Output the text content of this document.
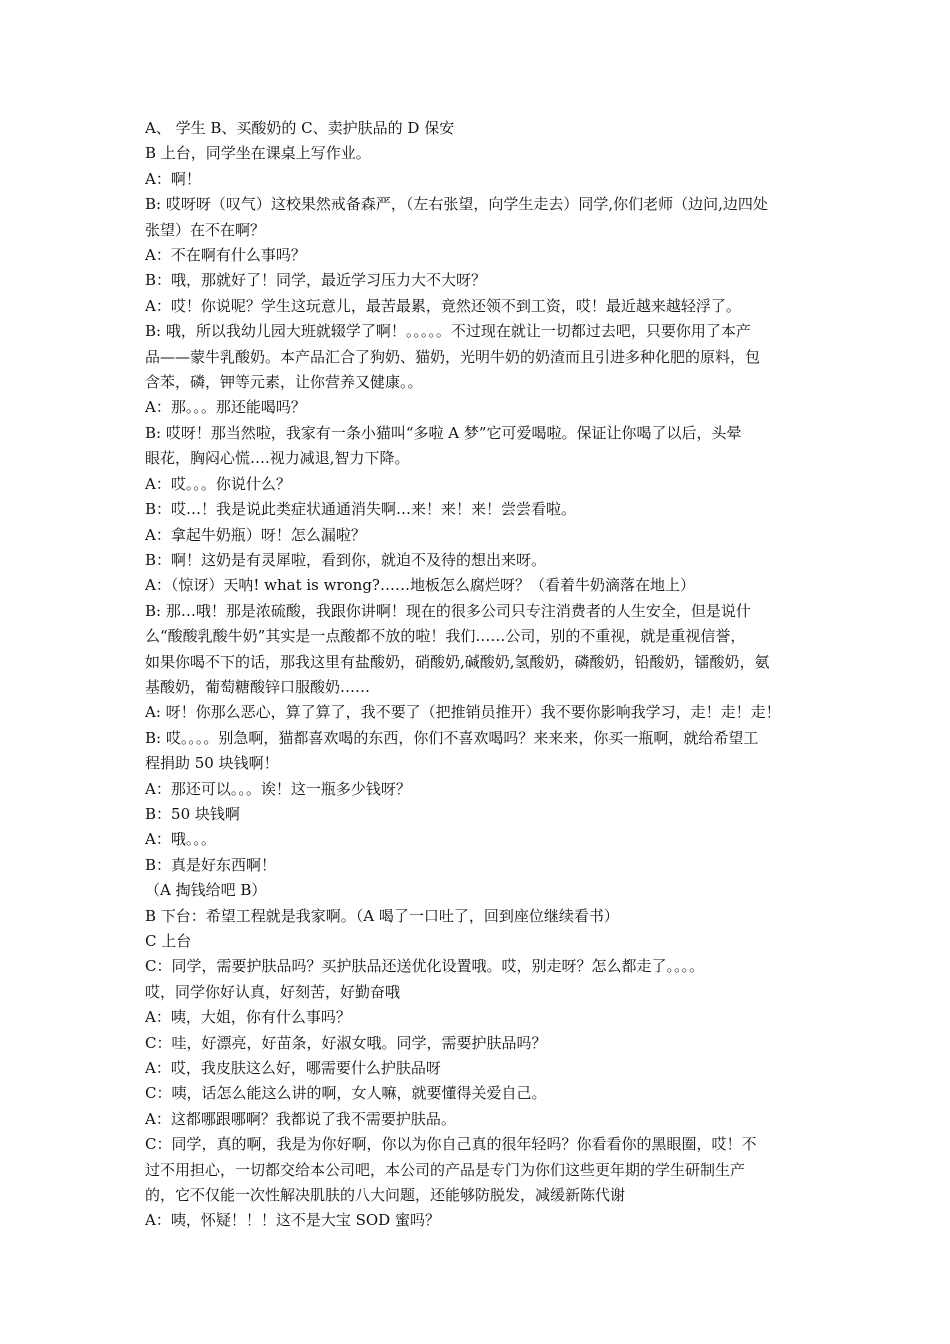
A、 学生 B、买酸奶的 C、卖护肤品的 D 保安
B 上台，同学坐在课桌上写作业。
A：啊！
B: 哎呀呀（叹气）这校果然戒备森严，（左右张望，向学生走去）同学,你们老师（边问,边四处
张望）在不在啊？
A：不在啊有什么事吗？
B：哦，那就好了！同学，最近学习压力大不大呀？
A：哎！你说呢？学生这玩意儿，最苦最累，竟然还领不到工资，哎！最近越来越轻浮了。
B: 哦，所以我幼儿园大班就辍学了啊！。。。。。不过现在就让一切都过去吧，只要你用了本产
品——蒙牛乳酸奶。本产品汇合了狗奶、猫奶，光明牛奶的奶渣而且引进多种化肥的原料，包
含苯，磷，钾等元素，让你营养又健康。。
A：那。。。那还能喝吗？
B: 哎呀！那当然啦，我家有一条小猫叫“多啦 A 梦”它可爱喝啦。保证让你喝了以后，头晕
眼花，胸闷心慌….视力减退,智力下降。
A：哎。。。你说什么？
B：哎…！我是说此类症状通通消失啊…来！来！来！尝尝看啦。
A：拿起牛奶瓶）呀！怎么漏啦？
B：啊！这奶是有灵犀啦，看到你，就迫不及待的想出来呀。
A：（惊讶）天呐! what is wrong?……地板怎么腐烂呀？（看着牛奶滴落在地上）
B: 那…哦！那是浓硫酸，我跟你讲啊！现在的很多公司只专注消费者的人生安全，但是说什
么“酸酸乳酸牛奶”其实是一点酸都不放的啦！我们……公司，别的不重视，就是重视信誉，
如果你喝不下的话，那我这里有盐酸奶，硝酸奶,碱酸奶,氢酸奶，磷酸奶，铅酸奶，镭酸奶，氨
基酸奶，葡萄糖酸锌口服酸奶……
A: 呀！你那么恶心，算了算了，我不要了（把推销员推开）我不要你影响我学习，走！走！走！
B: 哎。。。。别急啊，猫都喜欢喝的东西，你们不喜欢喝吗？来来来，你买一瓶啊，就给希望工
程捐助 50 块钱啊！
A：那还可以。。。诶！这一瓶多少钱呀？
B：50 块钱啊
A：哦。。。
B：真是好东西啊！
（A 掏钱给吧 B）
B 下台：希望工程就是我家啊。（A 喝了一口吐了，回到座位继续看书）
C 上台
C：同学，需要护肤品吗？买护肤品还送优化设置哦。哎，别走呀？怎么都走了。。。。
哎，同学你好认真，好刻苦，好勤奋哦
A：咦，大姐，你有什么事吗？
C：哇，好漂亮，好苗条，好淑女哦。同学，需要护肤品吗？
A：哎，我皮肤这么好，哪需要什么护肤品呀
C：咦，话怎么能这么讲的啊，女人嘛，就要懂得关爱自己。
A：这都哪跟哪啊？我都说了我不需要护肤品。
C：同学，真的啊，我是为你好啊，你以为你自己真的很年轻吗？你看看你的黑眼圈，哎！不
过不用担心，一切都交给本公司吧，本公司的产品是专门为你们这些更年期的学生研制生产
的，它不仅能一次性解决肌肤的八大问题，还能够防脱发，减缓新陈代谢
A：咦，怀疑！！！这不是大宝 SOD 蜜吗？
